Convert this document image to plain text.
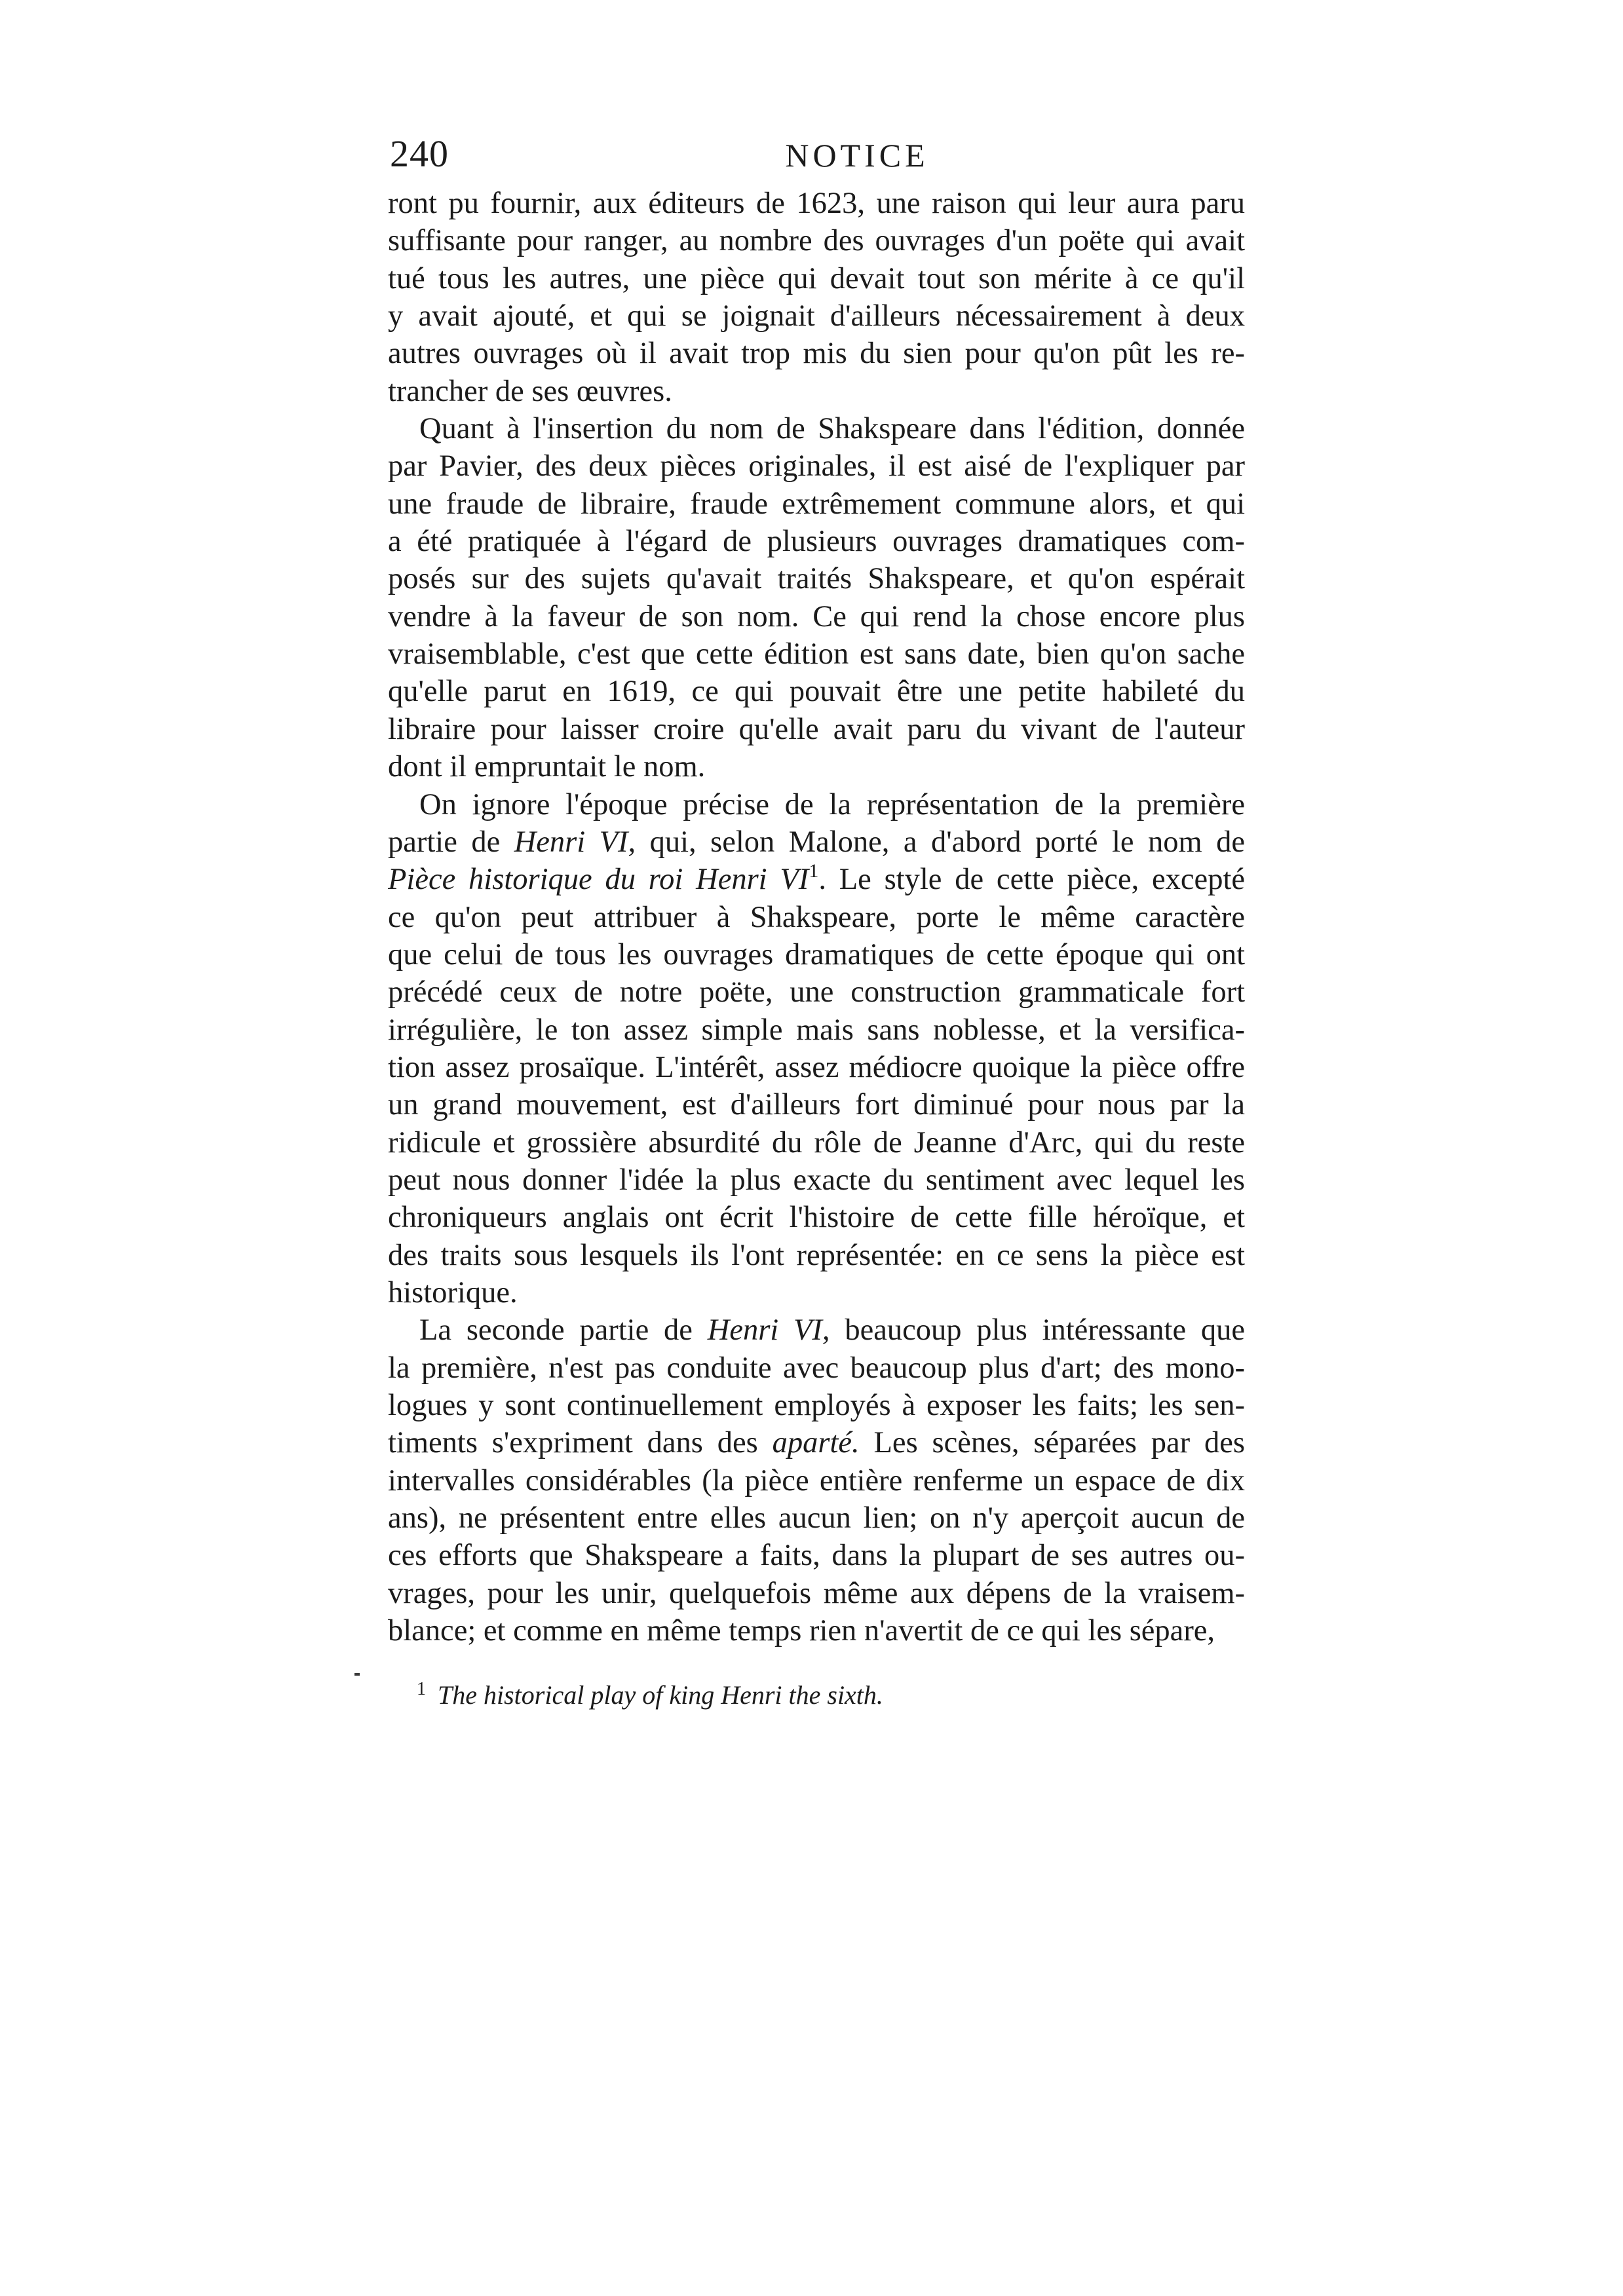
240	NOTICE
ront pu fournir, aux éditeurs de 1623, une raison qui leur aura paru
suffisante pour ranger, au nombre des ouvrages d'un poëte qui avait
tué tous les autres, une pièce qui devait tout son mérite à ce qu'il
y avait ajouté, et qui se joignait d'ailleurs nécessairement à deux
autres ouvrages où il avait trop mis du sien pour qu'on pût les re-
trancher de ses œuvres.
Quant à l'insertion du nom de Shakspeare dans l'édition, donnée
par Pavier, des deux pièces originales, il est aisé de l'expliquer par
une fraude de libraire, fraude extrêmement commune alors, et qui
a été pratiquée à l'égard de plusieurs ouvrages dramatiques com-
posés sur des sujets qu'avait traités Shakspeare, et qu'on espérait
vendre à la faveur de son nom. Ce qui rend la chose encore plus
vraisemblable, c'est que cette édition est sans date, bien qu'on sache
qu'elle parut en 1619, ce qui pouvait être une petite habileté du
libraire pour laisser croire qu'elle avait paru du vivant de l'auteur
dont il empruntait le nom.
On ignore l'époque précise de la représentation de la première
partie de Henri VI, qui, selon Malone, a d'abord porté le nom de
Pièce historique du roi Henri VI$^1$. Le style de cette pièce, excepté
ce qu'on peut attribuer à Shakspeare, porte le même caractère
que celui de tous les ouvrages dramatiques de cette époque qui ont
précédé ceux de notre poëte, une construction grammaticale fort
irrégulière, le ton assez simple mais sans noblesse, et la versifica-
tion assez prosaïque. L'intérêt, assez médiocre quoique la pièce offre
un grand mouvement, est d'ailleurs fort diminué pour nous par la
ridicule et grossière absurdité du rôle de Jeanne d'Arc, qui du reste
peut nous donner l'idée la plus exacte du sentiment avec lequel les
chroniqueurs anglais ont écrit l'histoire de cette fille héroïque, et
des traits sous lesquels ils l'ont représentée: en ce sens la pièce est
historique.
La seconde partie de Henri VI, beaucoup plus intéressante que
la première, n'est pas conduite avec beaucoup plus d'art; des mono-
logues y sont continuellement employés à exposer les faits; les sen-
timents s'expriment dans des aparté. Les scènes, séparées par des
intervalles considérables (la pièce entière renferme un espace de dix
ans), ne présentent entre elles aucun lien; on n'y aperçoit aucun de
ces efforts que Shakspeare a faits, dans la plupart de ses autres ou-
vrages, pour les unir, quelquefois même aux dépens de la vraisem-
blance; et comme en même temps rien n'avertit de ce qui les sépare,
$^1$ The historical play of king Henri the sixth.
